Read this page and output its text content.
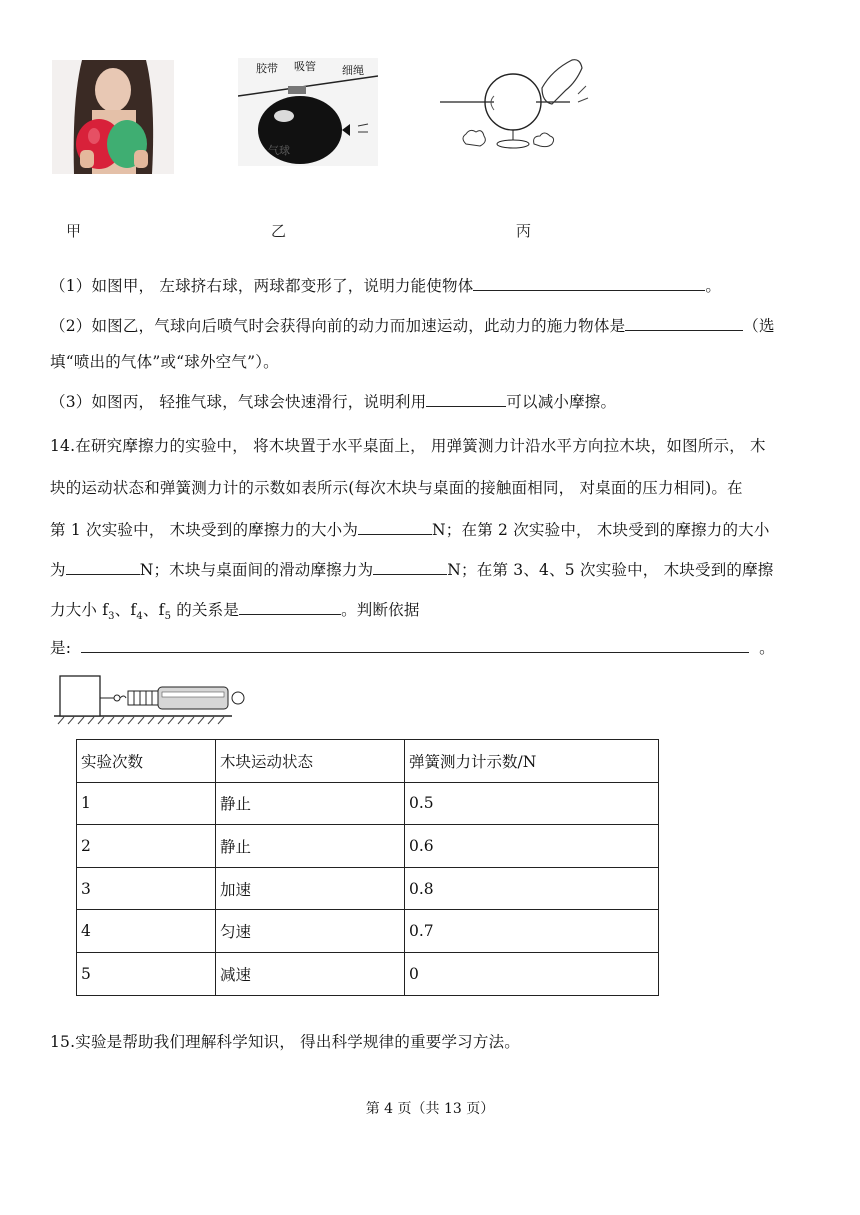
胶带 吸管 细绳
气球
甲	乙	丙
（1）如图甲， 左球挤右球，两球都变形了，说明力能使物体	。
（2）如图乙，气球向后喷气时会获得向前的动力而加速运动，此动力的施力物体是	（选
填“喷出的气体”或“球外空气”）。
（3）如图丙， 轻推气球，气球会快速滑行，说明利用	可以减小摩擦。
14.在研究摩擦力的实验中， 将木块置于水平桌面上， 用弹簧测力计沿水平方向拉木块，如图所示， 木
块的运动状态和弹簧测力计的示数如表所示(每次木块与桌面的接触面相同， 对桌面的压力相同)。在
第 1 次实验中， 木块受到的摩擦力的大小为	N；在第 2 次实验中， 木块受到的摩擦力的大小
为	N；木块与桌面间的滑动摩擦力为	N；在第 3、4、5 次实验中， 木块受到的摩擦
力大小 $f_3$、$f_4$、$f_5$ 的关系是	。判断依据
是:	。
实验次数	木块运动状态	弹簧测力计示数/N
1	静止	0.5
2	静止	0.6
3	加速	0.8
4	匀速	0.7
5	减速	0
15.实验是帮助我们理解科学知识， 得出科学规律的重要学习方法。
第 4 页（共 13 页）
